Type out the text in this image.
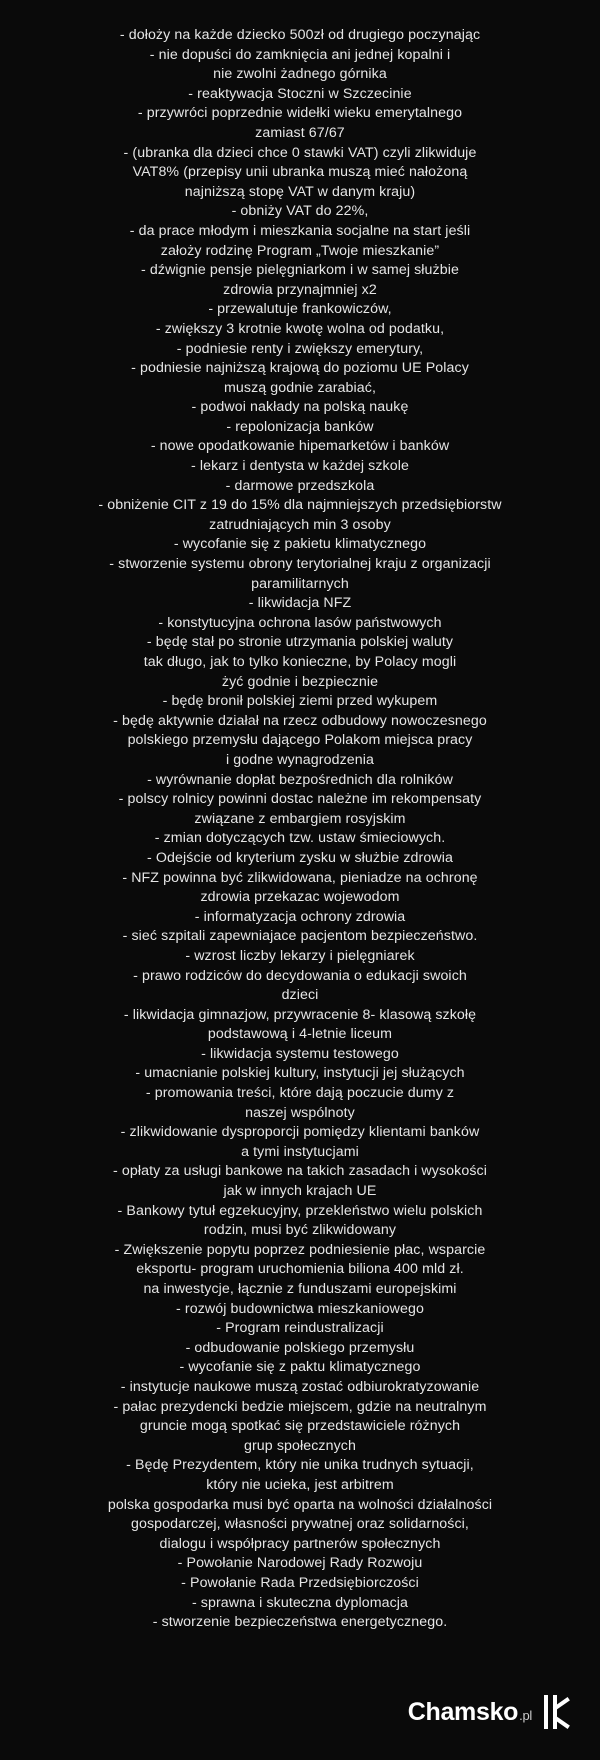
- dołoży na każde dziecko 500zł od drugiego poczynając
- nie dopuści do zamknięcia ani jednej kopalni i
nie zwolni żadnego górnika
- reaktywacja Stoczni w Szczecinie
- przywróci poprzednie widełki wieku emerytalnego
zamiast 67/67
- (ubranka dla dzieci chce 0 stawki VAT) czyli zlikwiduje
VAT8% (przepisy unii ubranka muszą mieć nałożoną
najniższą stopę VAT w danym kraju)
- obniży VAT do 22%,
- da prace młodym i mieszkania socjalne na start jeśli
założy rodzinę Program „Twoje mieszkanie”
- dźwignie pensje pielęgniarkom i w samej służbie
zdrowia przynajmniej x2
- przewalutuje frankowiczów,
- zwiększy 3 krotnie kwotę wolna od podatku,
- podniesie renty i zwiększy emerytury,
- podniesie najniższą krajową do poziomu UE Polacy
muszą godnie zarabiać,
- podwoi nakłady na polską naukę
- repolonizacja banków
- nowe opodatkowanie hipemarketów i banków
- lekarz i dentysta w każdej szkole
- darmowe przedszkola
- obniżenie CIT z 19 do 15% dla najmniejszych przedsiębiorstw
zatrudniających min 3 osoby
- wycofanie się z pakietu klimatycznego
- stworzenie systemu obrony terytorialnej kraju z organizacji
paramilitarnych
- likwidacja NFZ
- konstytucyjna ochrona lasów państwowych
- będę stał po stronie utrzymania polskiej waluty
tak długo, jak to tylko konieczne, by Polacy mogli
żyć godnie i bezpiecznie
- będę bronił polskiej ziemi przed wykupem
- będę aktywnie działał na rzecz odbudowy nowoczesnego
polskiego przemysłu dającego Polakom miejsca pracy
i godne wynagrodzenia
- wyrównanie dopłat bezpośrednich dla rolników
- polscy rolnicy powinni dostac należne im rekompensaty
związane z embargiem rosyjskim
- zmian dotyczących tzw. ustaw śmieciowych.
- Odejście od kryterium zysku w służbie zdrowia
- NFZ powinna być zlikwidowana, pieniadze na ochronę
zdrowia przekazac wojewodom
- informatyzacja ochrony zdrowia
- sieć szpitali zapewniajace pacjentom bezpieczeństwo.
- wzrost liczby lekarzy i pielęgniarek
- prawo rodziców do decydowania o edukacji swoich
dzieci
- likwidacja gimnazjow, przywracenie 8- klasową szkołę
podstawową i 4-letnie liceum
- likwidacja systemu testowego
- umacnianie polskiej kultury, instytucji jej służących
- promowania treści, które dają poczucie dumy z
naszej wspólnoty
- zlikwidowanie dysproporcji pomiędzy klientami banków
a tymi instytucjami
- opłaty za usługi bankowe na takich zasadach i wysokości
jak w innych krajach UE
- Bankowy tytuł egzekucyjny, przekleństwo wielu polskich
rodzin, musi być zlikwidowany
- Zwiększenie popytu poprzez podniesienie płac, wsparcie
eksportu- program uruchomienia biliona 400 mld zł.
na inwestycje, łącznie z funduszami europejskimi
- rozwój budownictwa mieszkaniowego
- Program reindustralizacji
- odbudowanie polskiego przemysłu
- wycofanie się z paktu klimatycznego
- instytucje naukowe muszą zostać odbiurokratyzowanie
- pałac prezydencki bedzie miejscem, gdzie na neutralnym
gruncie mogą spotkać się przedstawiciele różnych
grup społecznych
- Będę Prezydentem, który nie unika trudnych sytuacji,
który nie ucieka, jest arbitrem
polska gospodarka musi być oparta na wolności działalności
gospodarczej, własności prywatnej oraz solidarności,
dialogu i współpracy partnerów społecznych
- Powołanie Narodowej Rady Rozwoju
- Powołanie Rada Przedsiębiorczości
- sprawna i skuteczna dyplomacja
- stworzenie bezpieczeństwa energetycznego.
Chamsko.pl
